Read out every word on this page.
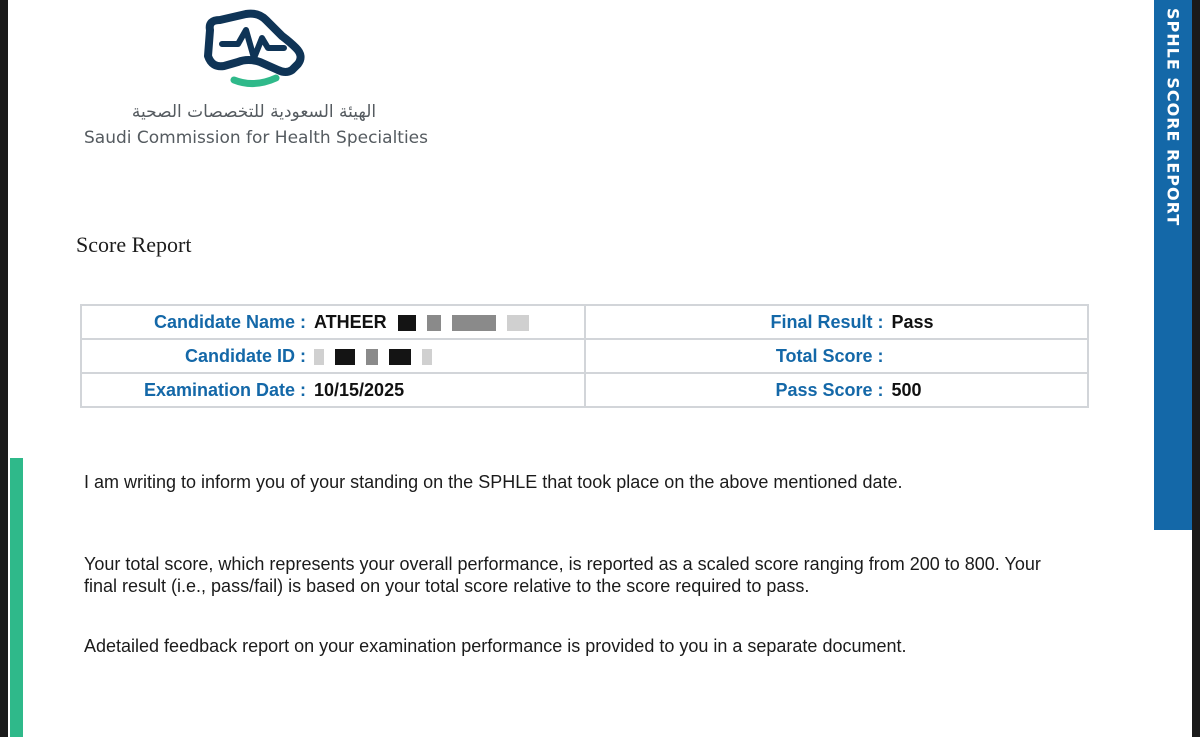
SPHLE SCORE REPORT
الهيئة السعودية للتخصصات الصحية
Saudi Commission for Health Specialties
Score Report
Candidate Name : ATHEER	Final Result : Pass

Candidate ID :	Total Score :

Examination Date : 10/15/2025	Pass Score : 500

I am writing to inform you of your standing on the SPHLE that took place on the above mentioned date.

Your total score, which represents your overall performance, is reported as a scaled score ranging from 200 to 800. Your final result (i.e., pass/fail) is based on your total score relative to the score required to pass.

Adetailed feedback report on your examination performance is provided to you in a separate document.
